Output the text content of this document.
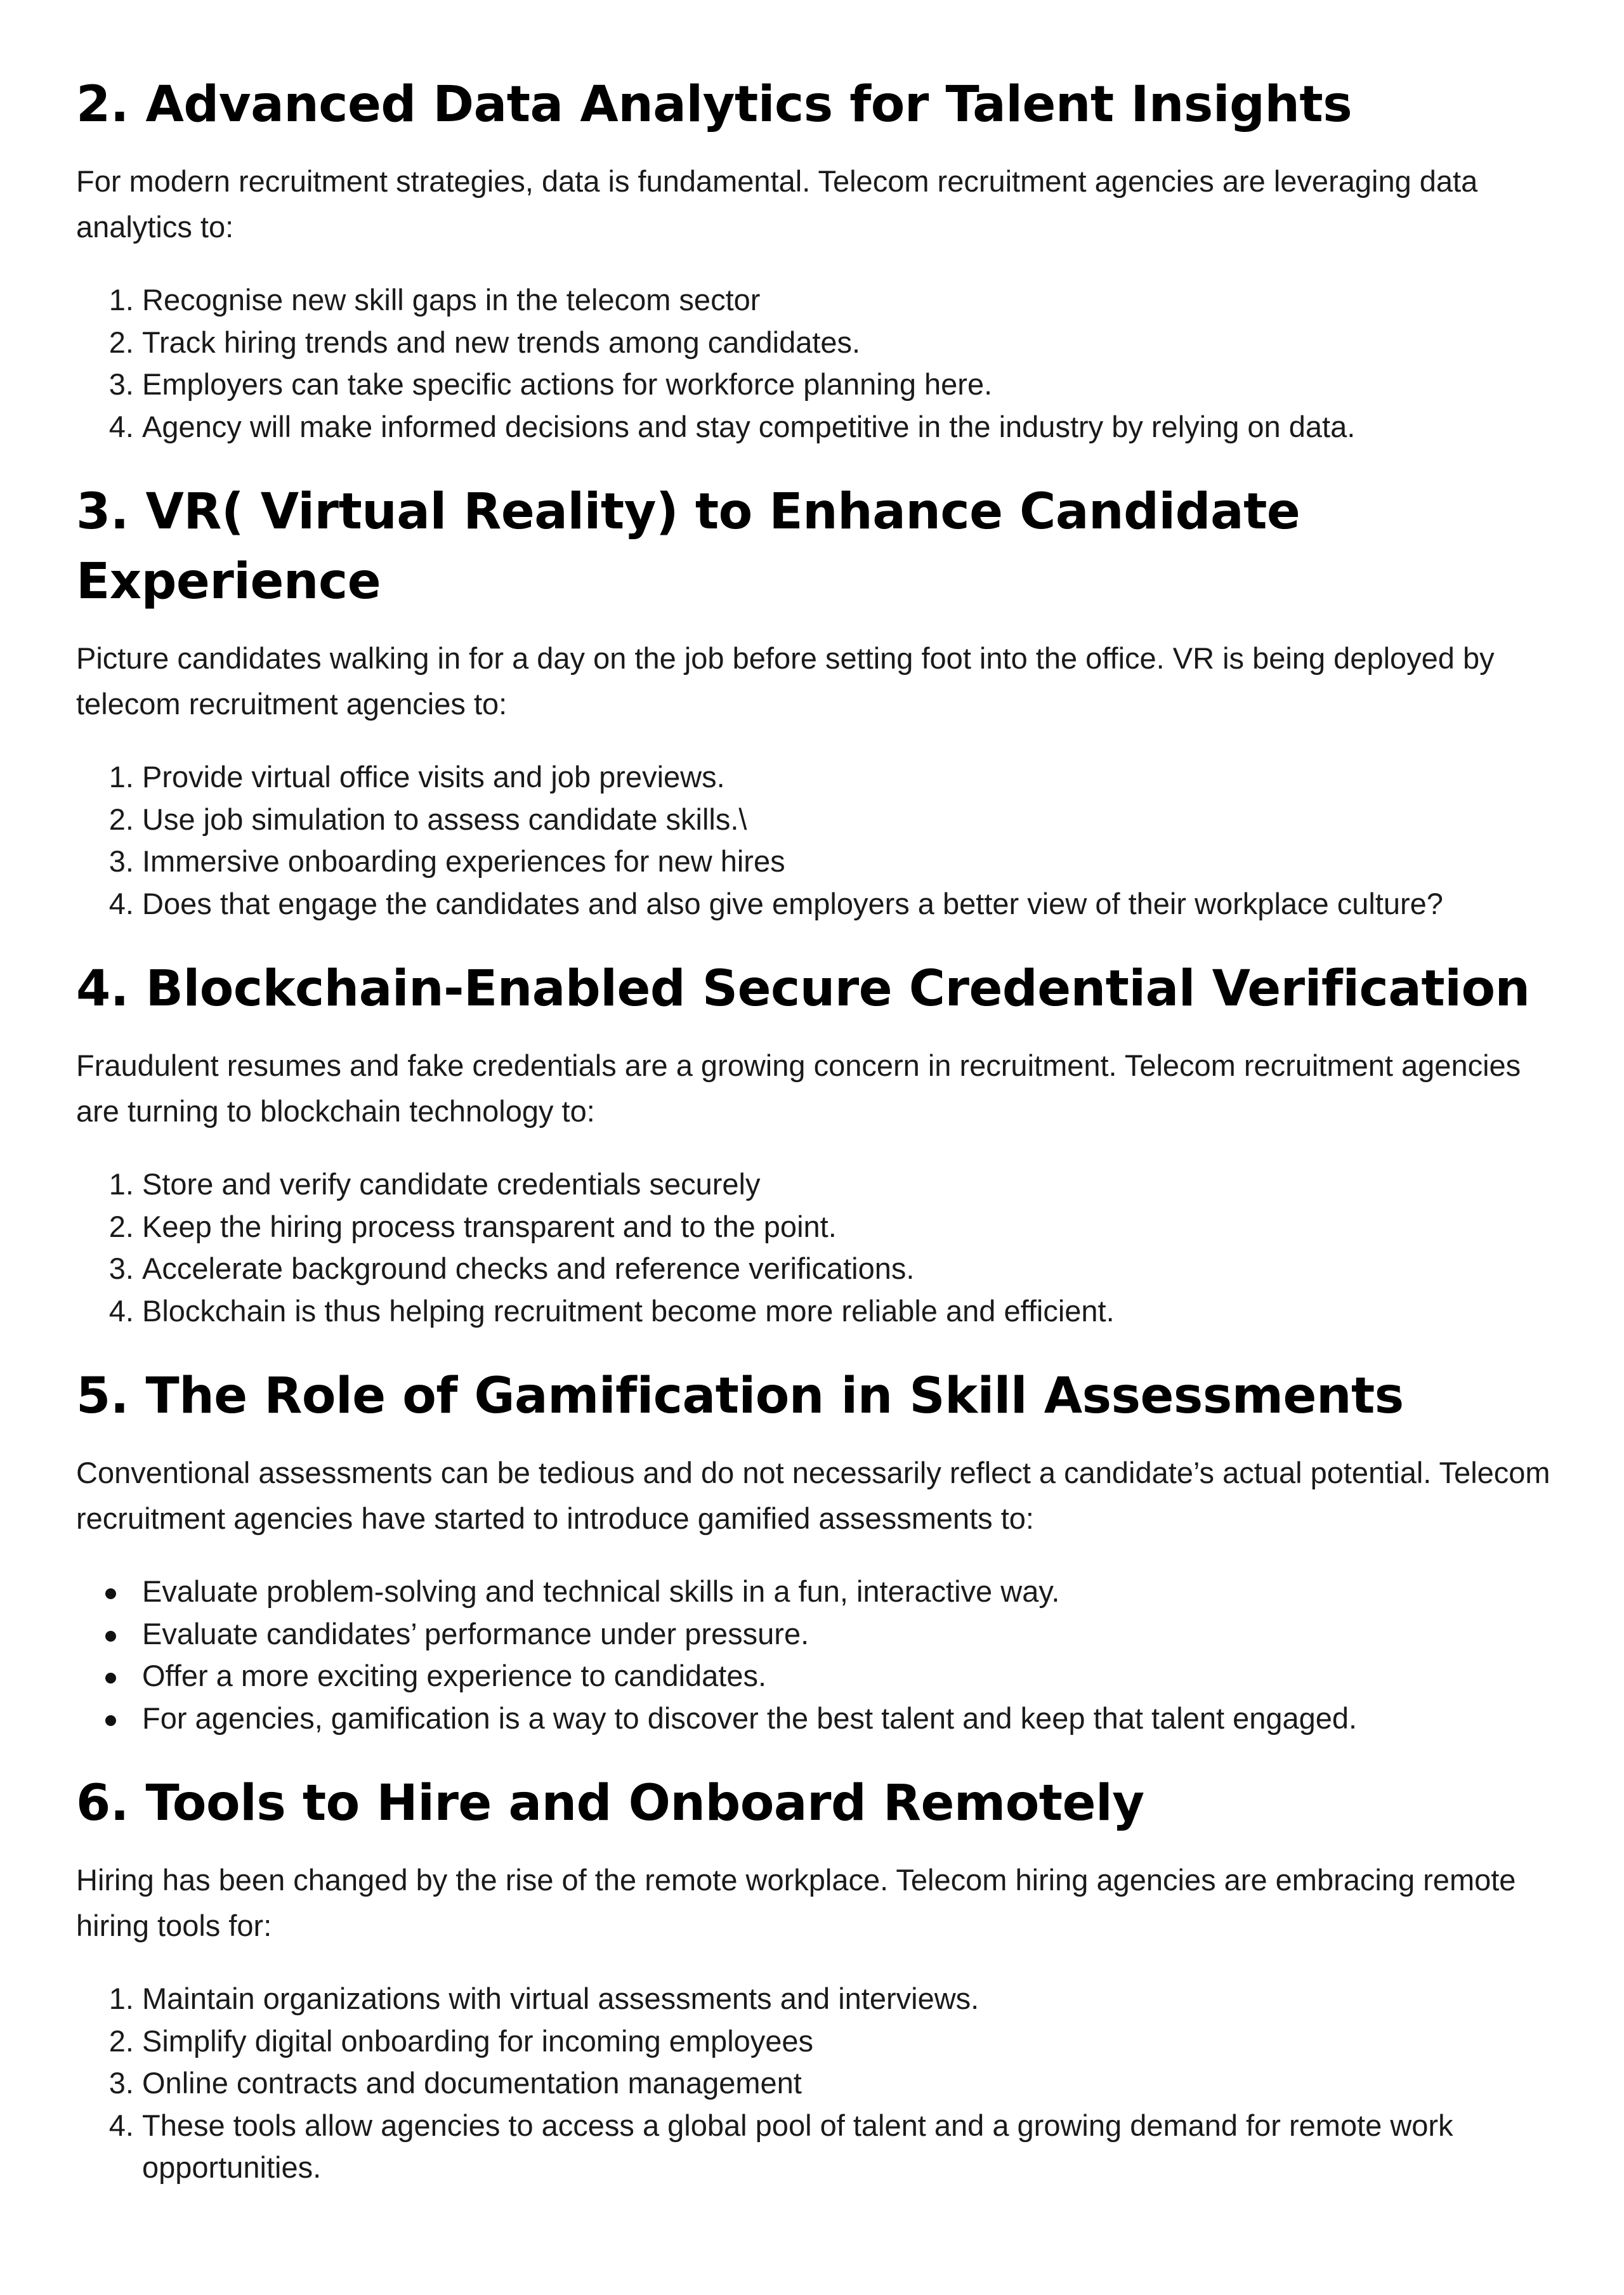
2. Advanced Data Analytics for Talent Insights

For modern recruitment strategies, data is fundamental. Telecom recruitment agencies are leveraging data analytics to:

1. Recognise new skill gaps in the telecom sector
2. Track hiring trends and new trends among candidates.
3. Employers can take specific actions for workforce planning here.
4. Agency will make informed decisions and stay competitive in the industry by relying on data.
3. VR( Virtual Reality) to Enhance Candidate Experience

Picture candidates walking in for a day on the job before setting foot into the office. VR is being deployed by telecom recruitment agencies to:

1. Provide virtual office visits and job previews.
2. Use job simulation to assess candidate skills.\
3. Immersive onboarding experiences for new hires
4. Does that engage the candidates and also give employers a better view of their workplace culture?
4. Blockchain-Enabled Secure Credential Verification

Fraudulent resumes and fake credentials are a growing concern in recruitment. Telecom recruitment agencies are turning to blockchain technology to:

1. Store and verify candidate credentials securely
2. Keep the hiring process transparent and to the point.
3. Accelerate background checks and reference verifications.
4. Blockchain is thus helping recruitment become more reliable and efficient.
5. The Role of Gamification in Skill Assessments

Conventional assessments can be tedious and do not necessarily reflect a candidate’s actual potential. Telecom recruitment agencies have started to introduce gamified assessments to:

Evaluate problem-solving and technical skills in a fun, interactive way.
Evaluate candidates’ performance under pressure.
Offer a more exciting experience to candidates.
For agencies, gamification is a way to discover the best talent and keep that talent engaged.
6. Tools to Hire and Onboard Remotely

Hiring has been changed by the rise of the remote workplace. Telecom hiring agencies are embracing remote hiring tools for:

1. Maintain organizations with virtual assessments and interviews.
2. Simplify digital onboarding for incoming employees
3. Online contracts and documentation management
4. These tools allow agencies to access a global pool of talent and a growing demand for remote work opportunities.
